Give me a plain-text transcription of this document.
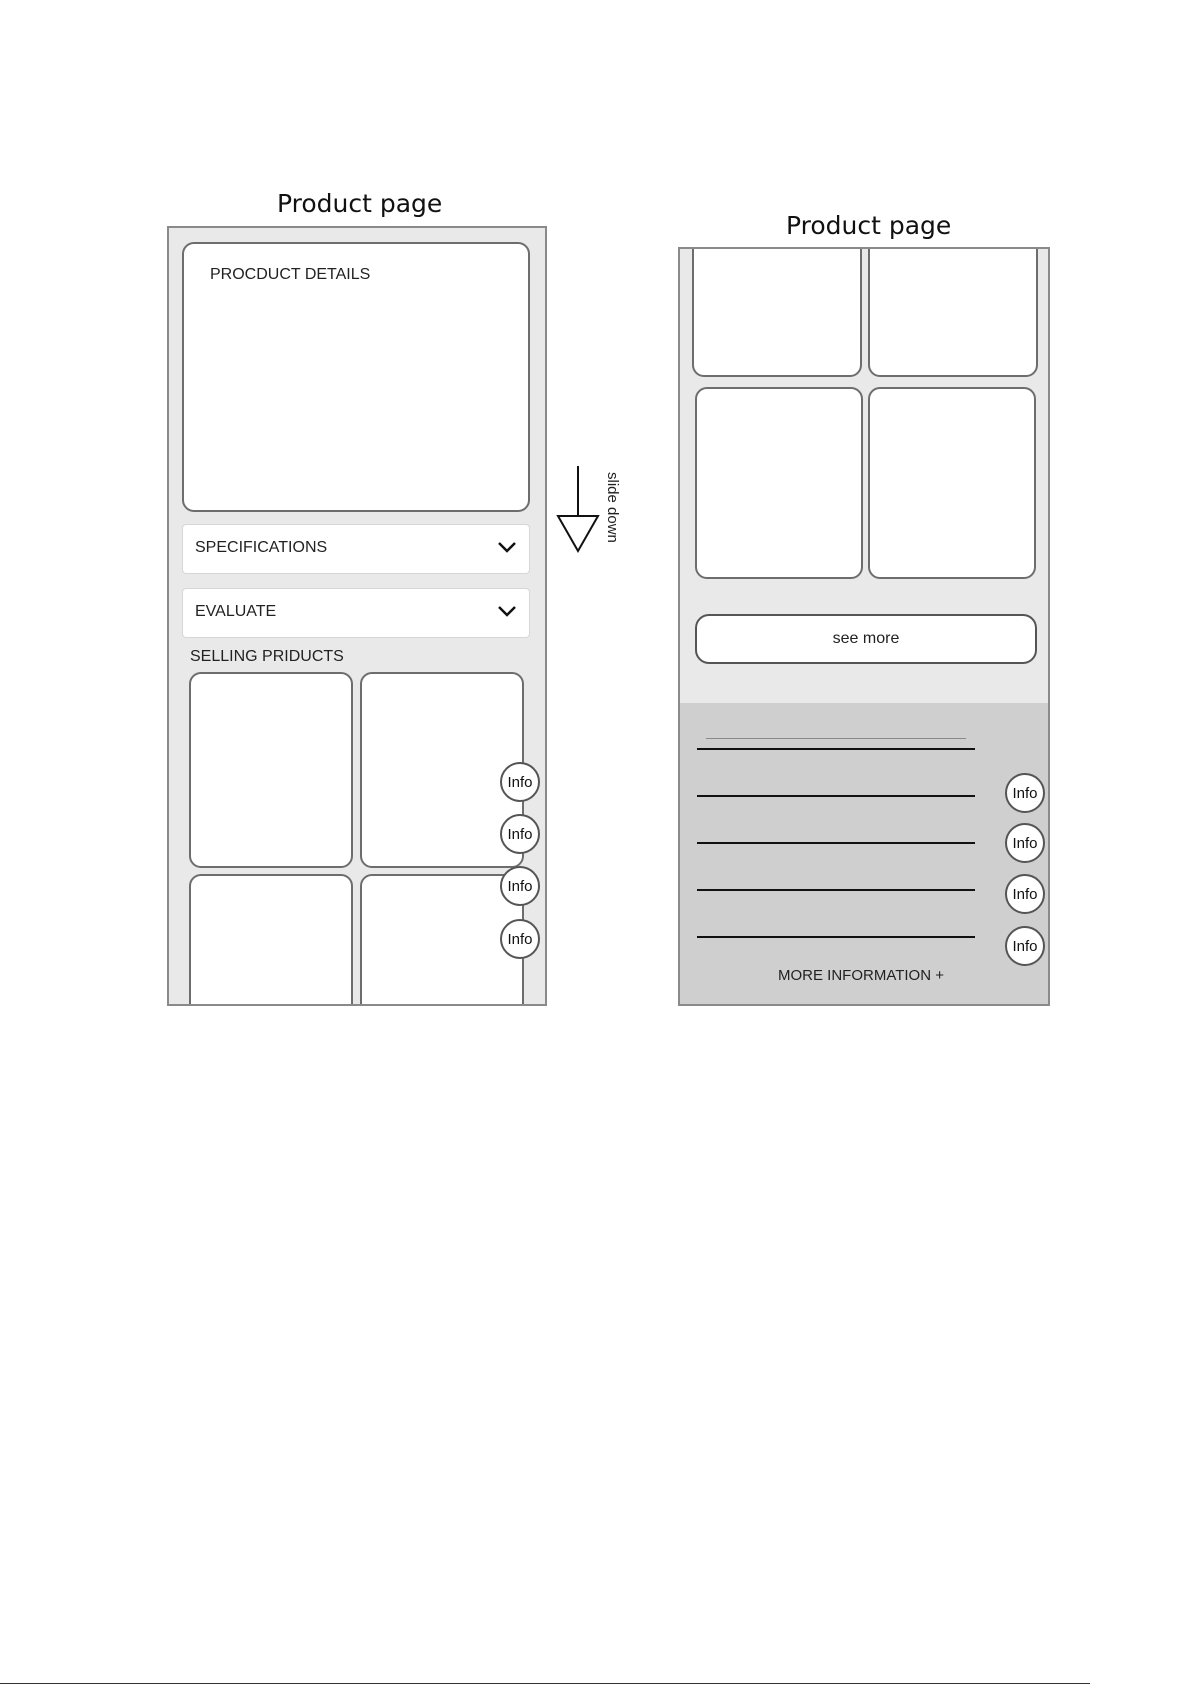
Product page
PROCDUCT DETAILS
SPECIFICATIONS
EVALUATE
SELLING PRIDUCTS
Info
Info
Info
Info
slide down
Product page
see more
Info
Info
Info
Info
MORE INFORMATION +
